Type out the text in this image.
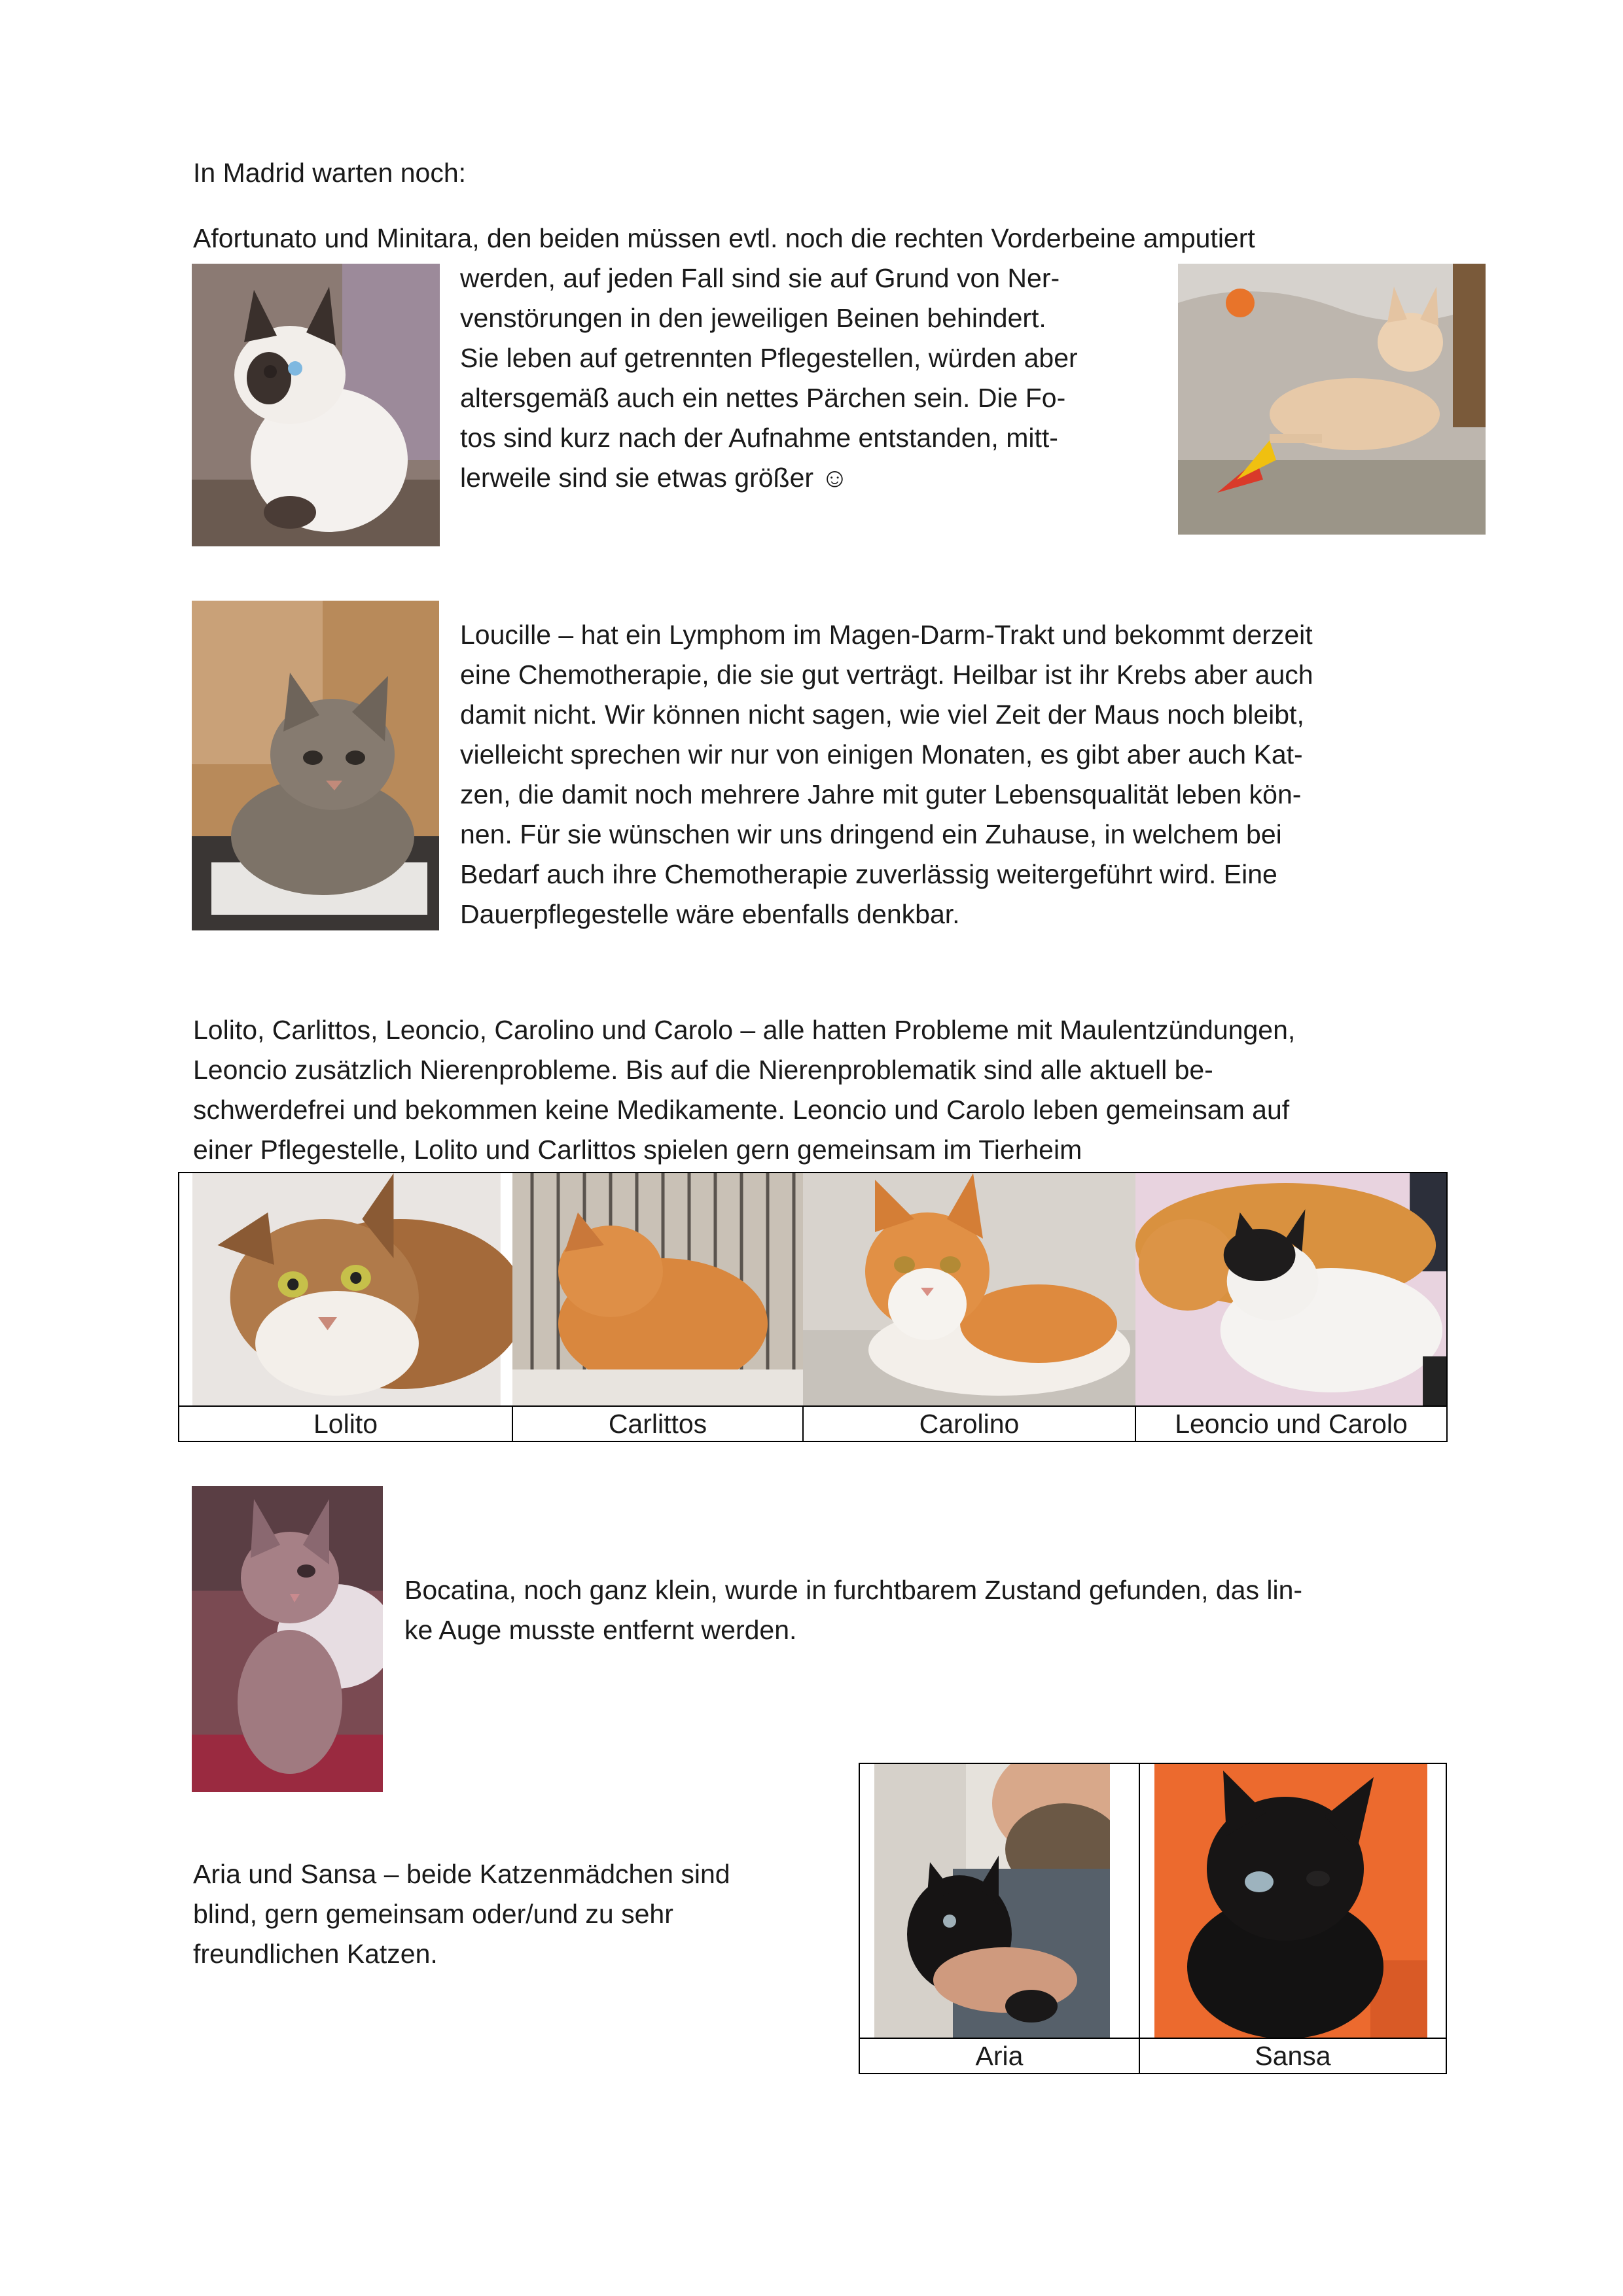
In Madrid warten noch:

Afortunato und Minitara, den beiden müssen evtl. noch die rechten Vorderbeine amputiert

werden, auf jeden Fall sind sie auf Grund von Ner-

venstörungen in den jeweiligen Beinen behindert.

Sie leben auf getrennten Pflegestellen, würden aber

altersgemäß auch ein nettes Pärchen sein. Die Fo-

tos sind kurz nach der Aufnahme entstanden, mitt-

lerweile sind sie etwas größer ☺

Loucille – hat ein Lymphom im Magen-Darm-Trakt und bekommt derzeit

eine Chemotherapie, die sie gut verträgt. Heilbar ist ihr Krebs aber auch

damit nicht. Wir können nicht sagen, wie viel Zeit der Maus noch bleibt,

vielleicht sprechen wir nur von einigen Monaten, es gibt aber auch Kat-

zen, die damit noch mehrere Jahre mit guter Lebensqualität leben kön-

nen. Für sie wünschen wir uns dringend ein Zuhause, in welchem bei

Bedarf auch ihre Chemotherapie zuverlässig weitergeführt wird. Eine

Dauerpflegestelle wäre ebenfalls denkbar.

Lolito, Carlittos, Leoncio, Carolino und Carolo – alle hatten Probleme mit Maulentzündungen,

Leoncio zusätzlich Nierenprobleme. Bis auf die Nierenproblematik sind alle aktuell be-

schwerdefrei und bekommen keine Medikamente. Leoncio und Carolo leben gemeinsam auf

einer Pflegestelle, Lolito und Carlittos spielen gern gemeinsam im Tierheim

Lolito	Carlittos	Carolino	Leoncio und Carolo

Bocatina, noch ganz klein, wurde in furchtbarem Zustand gefunden, das lin-

ke Auge musste entfernt werden.

Aria und Sansa – beide Katzenmädchen sind

blind, gern gemeinsam oder/und zu sehr

freundlichen Katzen.

Aria	Sansa
